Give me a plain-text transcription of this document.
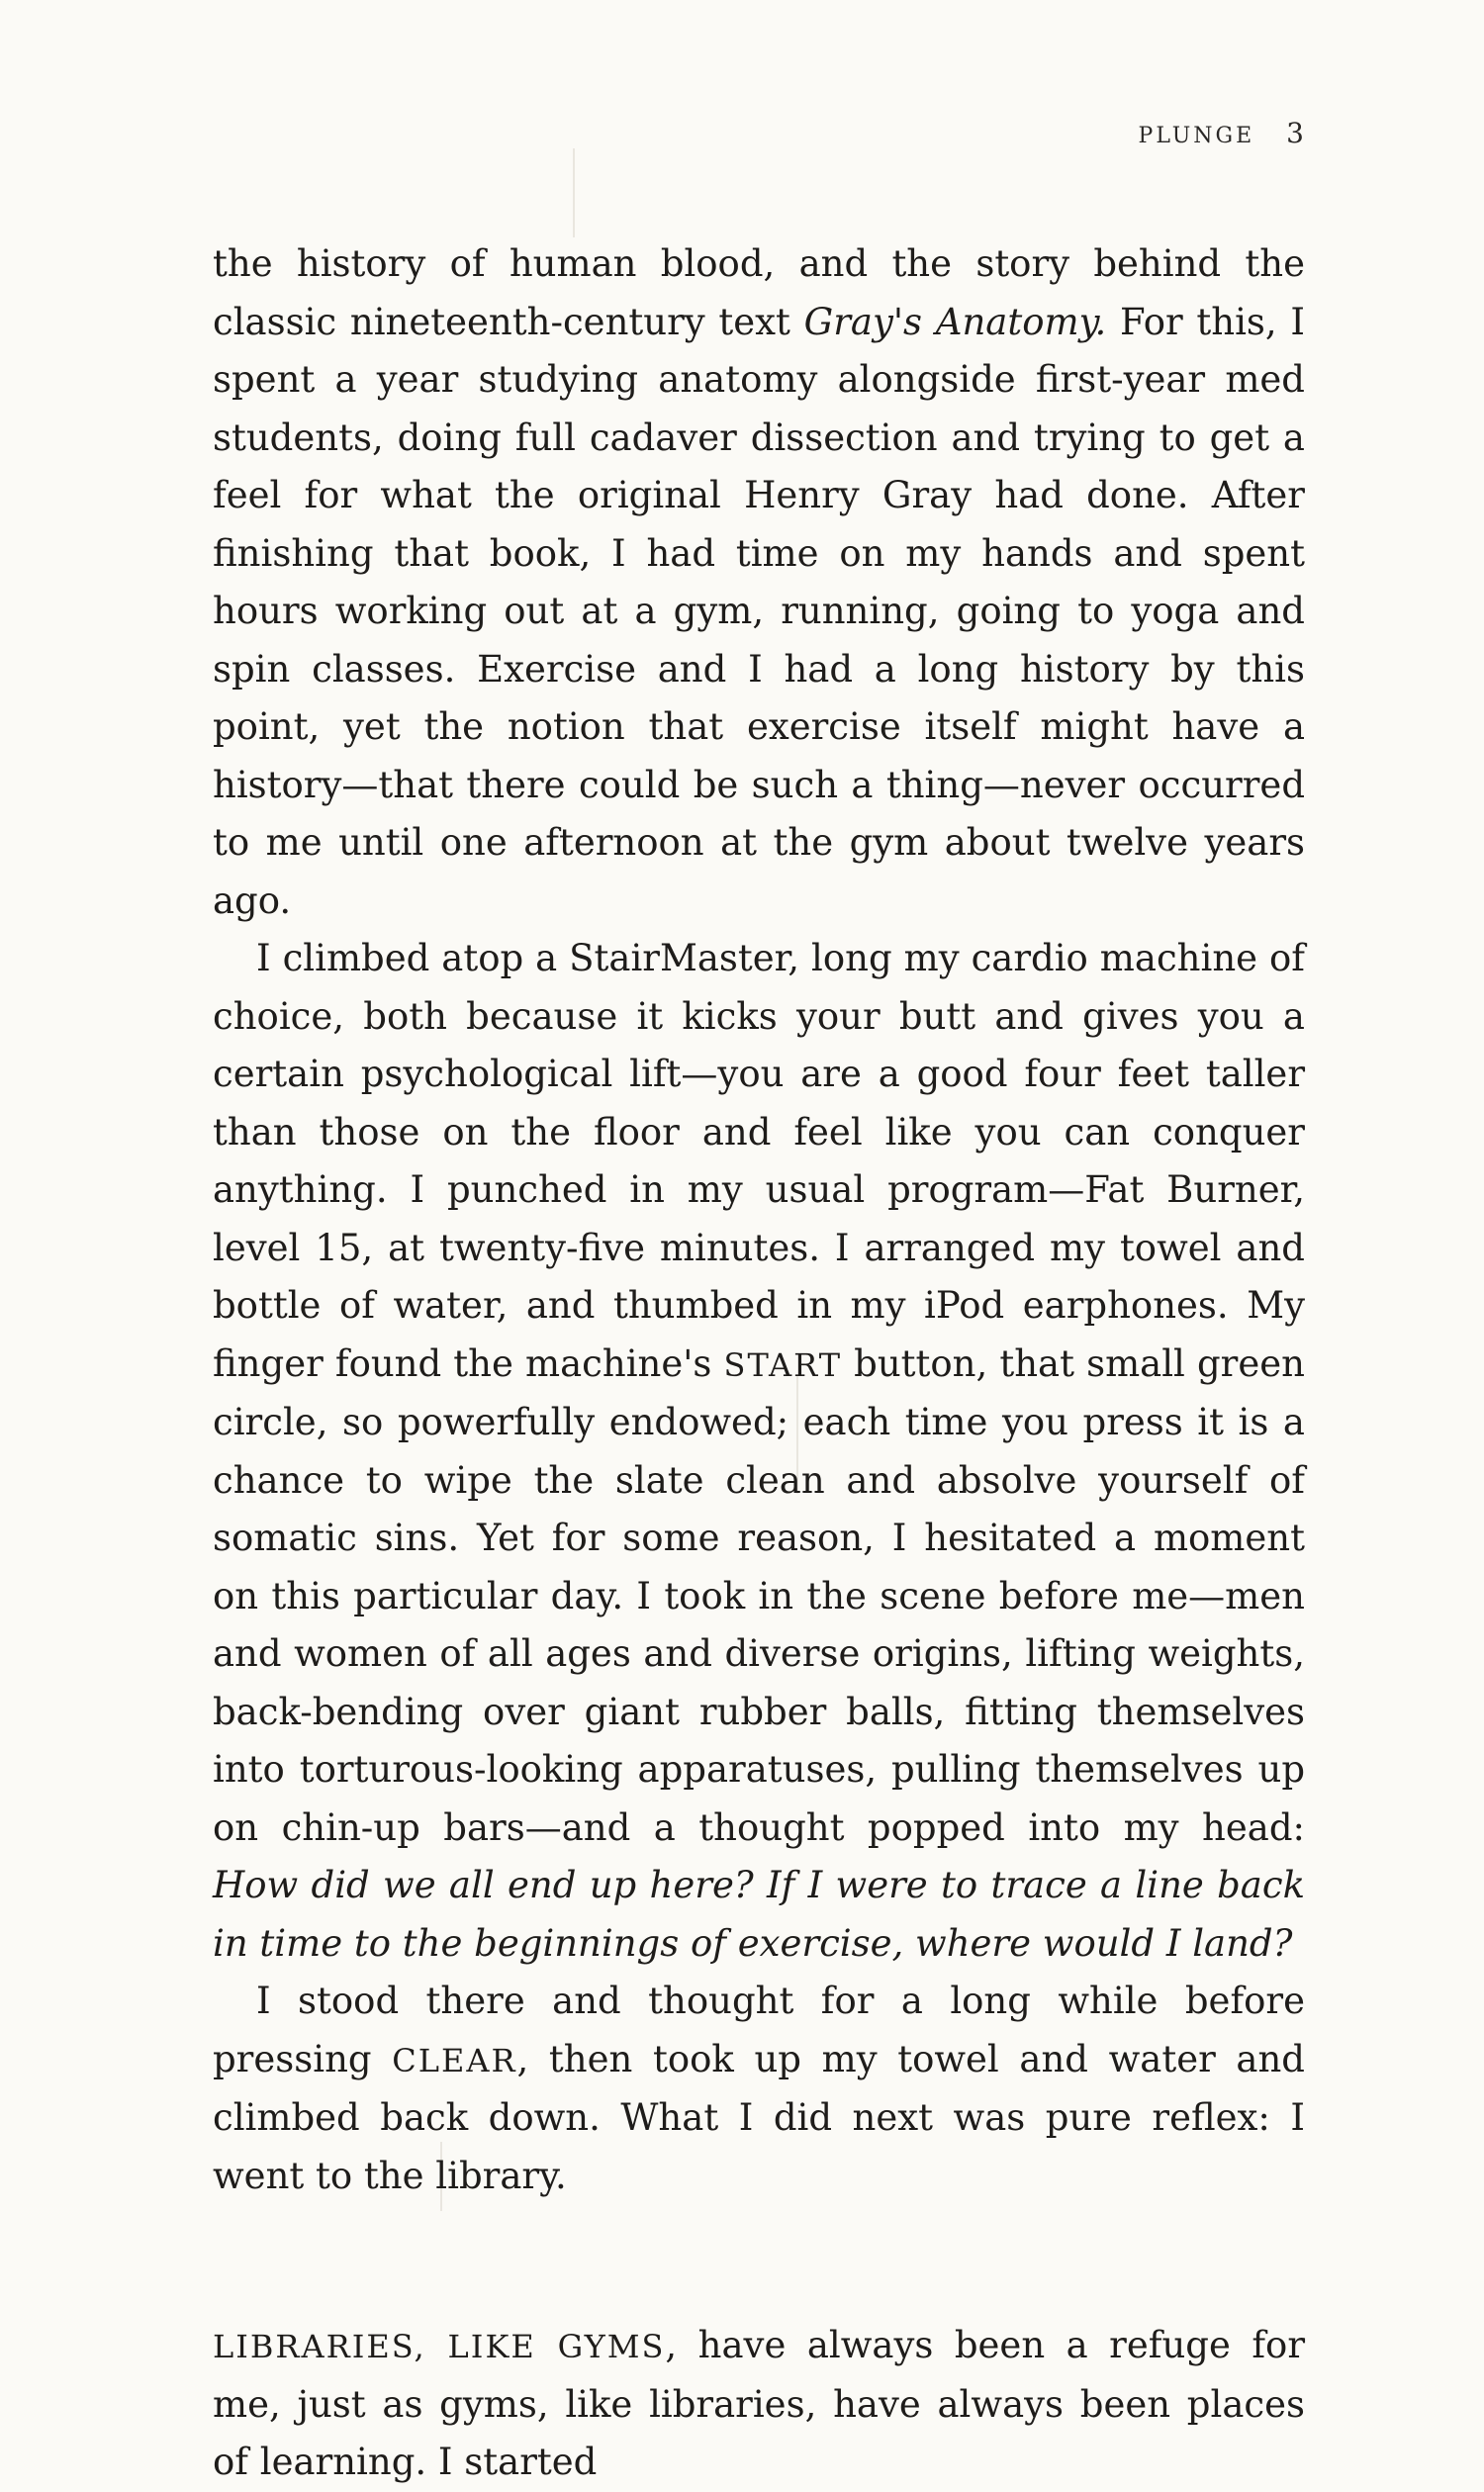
PLUNGE 3

the history of human blood, and the story behind the classic nineteenth-century text Gray's Anatomy. For this, I spent a year studying anatomy alongside first-year med students, doing full cadaver dissection and trying to get a feel for what the original Henry Gray had done. After finishing that book, I had time on my hands and spent hours working out at a gym, running, going to yoga and spin classes. Exercise and I had a long history by this point, yet the notion that exercise itself might have a history—that there could be such a thing—never occurred to me until one afternoon at the gym about twelve years ago.

I climbed atop a StairMaster, long my cardio machine of choice, both because it kicks your butt and gives you a certain psychological lift—you are a good four feet taller than those on the floor and feel like you can conquer anything. I punched in my usual program—Fat Burner, level 15, at twenty-five minutes. I arranged my towel and bottle of water, and thumbed in my iPod earphones. My finger found the machine's START button, that small green circle, so powerfully endowed; each time you press it is a chance to wipe the slate clean and absolve yourself of somatic sins. Yet for some reason, I hesitated a moment on this particular day. I took in the scene before me—men and women of all ages and diverse origins, lifting weights, back-bending over giant rubber balls, fitting themselves into torturous-looking apparatuses, pulling themselves up on chin-up bars—and a thought popped into my head: How did we all end up here? If I were to trace a line back in time to the beginnings of exercise, where would I land?

I stood there and thought for a long while before pressing CLEAR, then took up my towel and water and climbed back down. What I did next was pure reflex: I went to the library.

LIBRARIES, LIKE GYMS, have always been a refuge for me, just as gyms, like libraries, have always been places of learning. I started
